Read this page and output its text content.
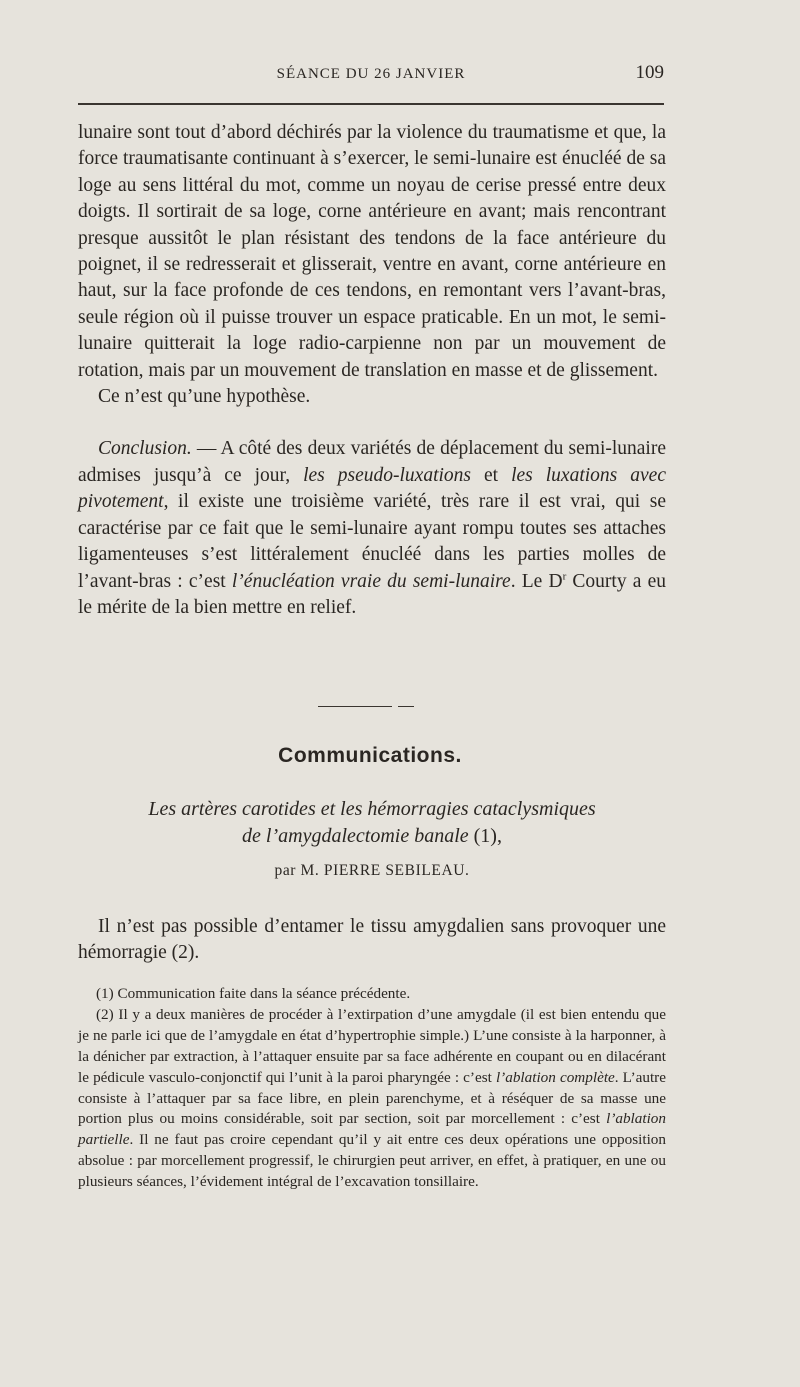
SÉANCE DU 26 JANVIER	109

lunaire sont tout d’abord déchirés par la violence du traumatisme et que, la force traumatisante continuant à s’exercer, le semi-lunaire est énucléé de sa loge au sens littéral du mot, comme un noyau de cerise pressé entre deux doigts. Il sortirait de sa loge, corne antérieure en avant; mais rencontrant presque aussitôt le plan résistant des tendons de la face antérieure du poignet, il se redresserait et glisserait, ventre en avant, corne antérieure en haut, sur la face profonde de ces tendons, en remontant vers l’avant-bras, seule région où il puisse trouver un espace praticable. En un mot, le semi-lunaire quitterait la loge radio-carpienne non par un mouvement de rotation, mais par un mouvement de translation en masse et de glissement.

Ce n’est qu’une hypothèse.

Conclusion. — A côté des deux variétés de déplacement du semi-lunaire admises jusqu’à ce jour, les pseudo-luxations et les luxations avec pivotement, il existe une troisième variété, très rare il est vrai, qui se caractérise par ce fait que le semi-lunaire ayant rompu toutes ses attaches ligamenteuses s’est littéralement énucléé dans les parties molles de l’avant-bras : c’est l’énucléation vraie du semi-lunaire. Le $D^r$ Courty a eu le mérite de la bien mettre en relief.

Communications.
Les artères carotides et les hémorragies cataclysmiques
de l’amygdalectomie banale (1),
par M. PIERRE SEBILEAU.

Il n’est pas possible d’entamer le tissu amygdalien sans provoquer une hémorragie (2).

(1) Communication faite dans la séance précédente.

(2) Il y a deux manières de procéder à l’extirpation d’une amygdale (il est bien entendu que je ne parle ici que de l’amygdale en état d’hypertrophie simple.) L’une consiste à la harponner, à la dénicher par extraction, à l’attaquer ensuite par sa face adhérente en coupant ou en dilacérant le pédicule vasculo-conjonctif qui l’unit à la paroi pharyngée : c’est l’ablation complète. L’autre consiste à l’attaquer par sa face libre, en plein parenchyme, et à réséquer de sa masse une portion plus ou moins considérable, soit par section, soit par morcellement : c’est l’ablation partielle. Il ne faut pas croire cependant qu’il y ait entre ces deux opérations une opposition absolue : par morcellement progressif, le chirurgien peut arriver, en effet, à pratiquer, en une ou plusieurs séances, l’évidement intégral de l’excavation tonsillaire.
